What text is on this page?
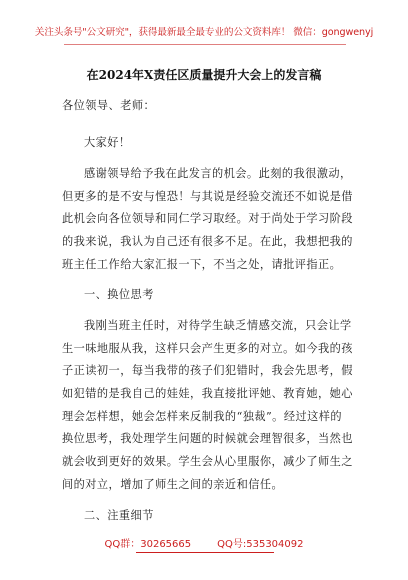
关注头条号"公文研究"，获得最新最全最专业的公文资料库！ 微信：gongwenyj
在2024年X责任区质量提升大会上的发言稿
各位领导、老师：
大家好！
感谢领导给予我在此发言的机会。此刻的我很激动，
但更多的是不安与惶恐！与其说是经验交流还不如说是借
此机会向各位领导和同仁学习取经。对于尚处于学习阶段
的我来说，我认为自己还有很多不足。在此，我想把我的
班主任工作给大家汇报一下，不当之处，请批评指正。
一、换位思考
我刚当班主任时，对待学生缺乏情感交流，只会让学
生一味地服从我，这样只会产生更多的对立。如今我的孩
子正读初一，每当我带的孩子们犯错时，我会先思考，假
如犯错的是我自己的娃娃，我直接批评她、教育她，她心
理会怎样想，她会怎样来反制我的“独裁”。经过这样的
换位思考，我处理学生问题的时候就会理智很多，当然也
就会收到更好的效果。学生会从心里服你，减少了师生之
间的对立，增加了师生之间的亲近和信任。
二、注重细节
QQ群：30265665	QQ号:535304092
